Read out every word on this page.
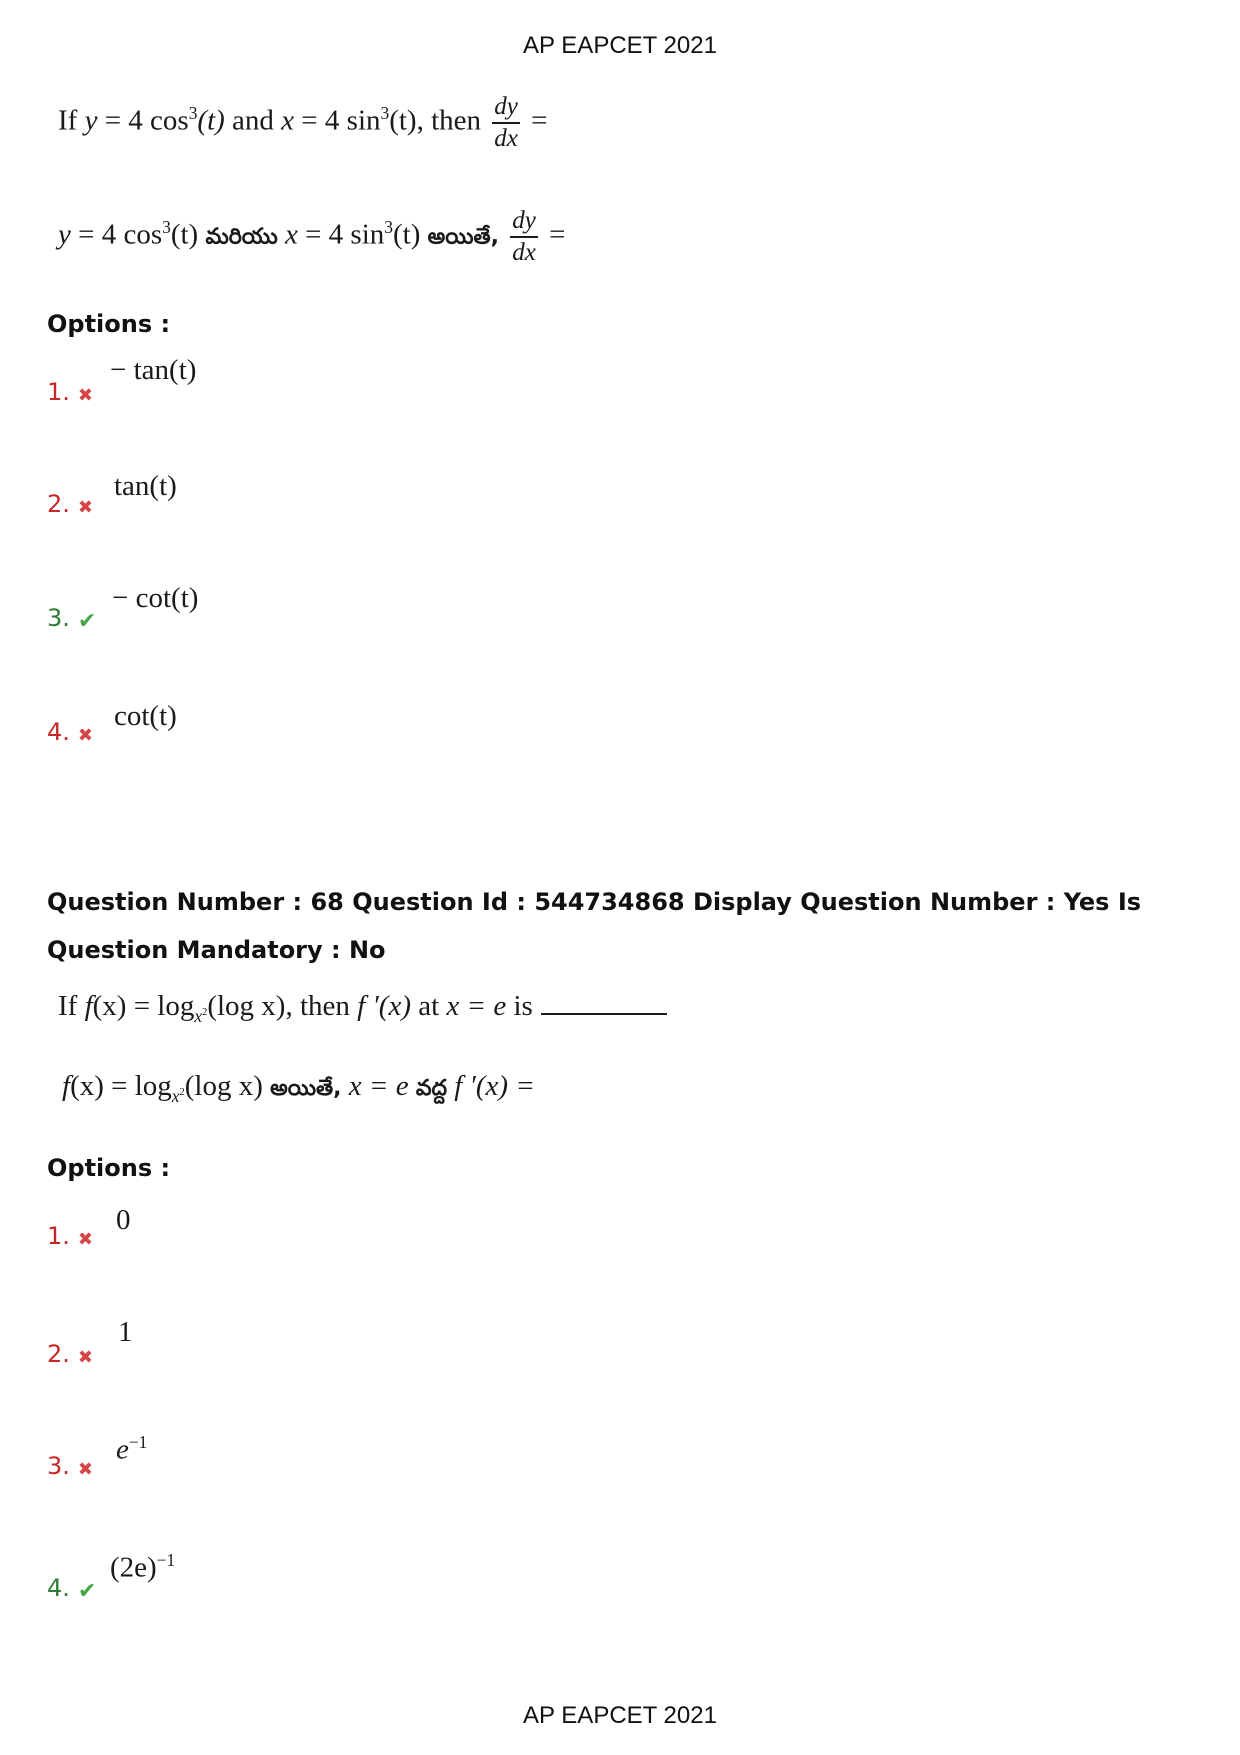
AP EAPCET 2021
If y = 4 $\cos^3(t)$ and x = 4 $\sin^3(t)$, then $\frac{dy}{dx}$ =
y = 4 $\cos^3(t)$ మరియు x = 4 $\sin^3(t)$ అయితే, $\frac{dy}{dx}$ =
Options :
1. ✖
− tan(t)
2. ✖
tan(t)
3. ✔
− cot(t)
4. ✖
cot(t)
Question Number : 68 Question Id : 544734868 Display Question Number : Yes Is Question Mandatory : No
If $f(x) = \log_{x^2}(\log$ x), then f ′(x) at x = e is
$f(x) = \log_{x^2}(\log$ x) అయితే, x = e వద్ద f ′(x) =
Options :
1. ✖
0
2. ✖
1
3. ✖
$e^{-1}$
4. ✔
$(2e)^{-1}$
AP EAPCET 2021
